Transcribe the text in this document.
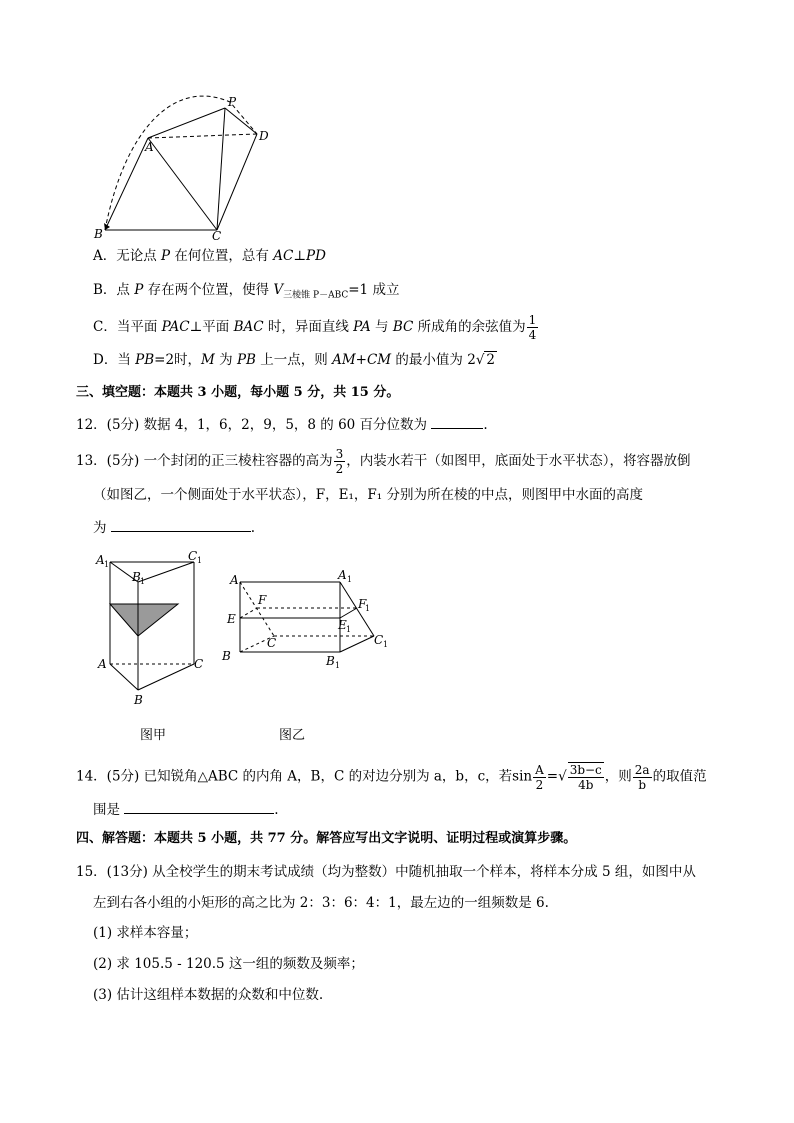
P
A
D
B	C
A．无论点 P 在何位置，总有 AC⊥PD
B．点 P 存在两个位置，使得 $V_{三棱锥 P-ABC}=1$ 成立
C．当平面 PAC⊥平面 BAC 时，异面直线 PA 与 BC 所成角的余弦值为 $\frac{1}{4}$
D．当 PB=2时，M 为 PB 上一点，则 AM+CM 的最小值为 2√ 2
三、填空题：本题共 3 小题，每小题 5 分，共 15 分。
12．(5分) 数据 4，1，6，2，9，5，8 的 60 百分位数为	.
13．(5分) 一个封闭的正三棱柱容器的高为 $\frac{3}{2}$ ，内装水若干（如图甲，底面处于水平状态），将容器放倒
（如图乙，一个侧面处于水平状态），F，E₁，F₁ 分别为所在棱的中点，则图甲中水面的高度
为	.
A 1
C 1
B 1
A	C
B
A	A 1
F	F
1
E	E 1
C	C 1
B	B 1
图甲	图乙
14．(5分) 已知锐角△ABC 的内角 A，B，C 的对边分别为 a，b，c，若$\sin \frac{A}{2}$ =√ $\frac{3b-c}{4b}$ ，则 $\frac{2a}{b}$ 的取值范
围是	.
四、解答题：本题共 5 小题，共 77 分。解答应写出文字说明、证明过程或演算步骤。
15．(13分) 从全校学生的期末考试成绩（均为整数）中随机抽取一个样本，将样本分成 5 组，如图中从
左到右各小组的小矩形的高之比为 2：3：6：4：1，最左边的一组频数是 6.
(1) 求样本容量；
(2) 求 105.5 - 120.5 这一组的频数及频率；
(3) 估计这组样本数据的众数和中位数.
